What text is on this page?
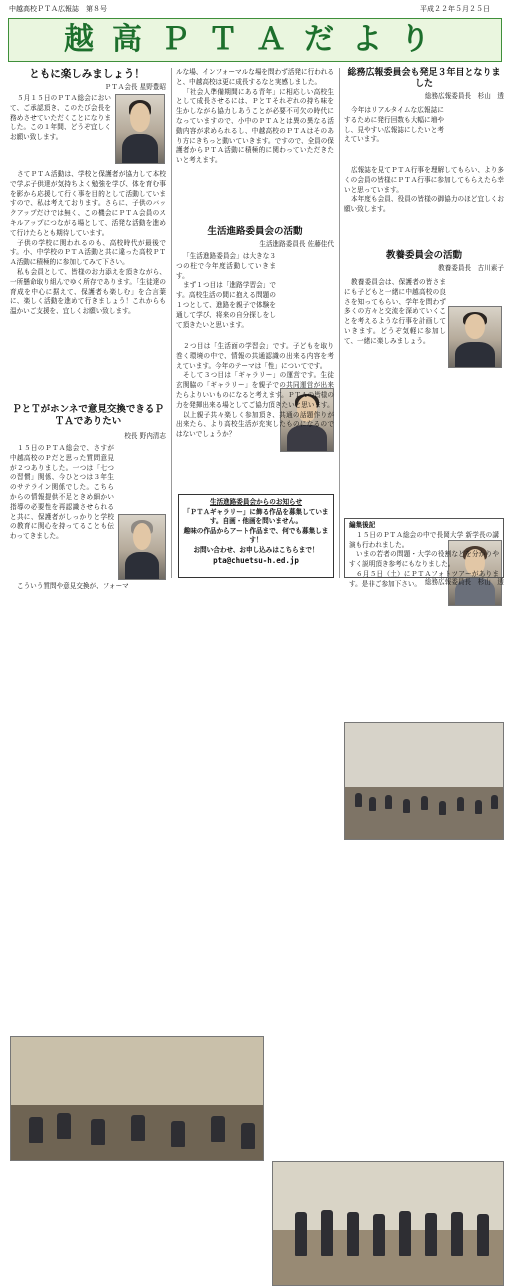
中越高校ＰＴＡ広報誌　第８号	平成２２年５月２５日
越高ＰＴＡだより
ともに楽しみましょう！
ＰＴＡ会長 星野豊昭

５月１５日のＰＴＡ総会において、ご承認頂き、このたび会長を務めさせていただくことになりました。この１年間、どうぞ宜しくお願い致します。

さてＰＴＡ活動は、学校と保護者が協力して本校で学ぶ子供達が気持ちよく勉強を学び、体を育む事を影から応援して行く事を目的として活動していますので、私は考えております。さらに、子供のバックアップだけでは無く、この機会にＰＴＡ会員のスキルアップにつながる場として、活発な活動を進めて行けたらとも期待しています。

子供の学校に関われるのも、高校時代が最後です。小、中学校のＰＴＡ活動と共に違った高校ＰＴＡ活動に積極的に参加してみて下さい。

私も会員として、皆様のお力添えを頂きながら、一所懸命取り組んでゆく所存であります。「生徒達の育成を中心に据えて、保護者も楽しむ」を合言葉に、楽しく活動を進めて行きましょう！これからも温かいご支援を、宜しくお願い致します。

ＰとＴがホンネで意見交換できるＰＴＡでありたい
校長 野内清志

１５日のＰＴＡ総会で、さすが中越高校のＰだと思った質問意見が２つありました。一つは「七つの習慣」関係、今ひとつは３年生のサテライン関係でした。こちらからの情報提供不足ときめ細かい指導の必要性を再認識させられると共に、保護者がしっかりと学校の教育に関心を持ってることも伝わってきました。

こういう質問や意見交換が、フォーマ

ルな場、インフォーマルな場を問わず活発に行われると、中越高校は更に成長するなと実感しました。

「社会人準備期間にある青年」に相応しい高校生として成長させるには、ＰとＴそれぞれの持ち味を生かしながら協力しあうことが必要不可欠の時代になっていますので、小中のＰＴＡとは異の異なる活動内容が求められるし、中越高校のＰＴＡはそのあり方にきちっと動いていきます。ですので、全員の保護者からＰＴＡ活動に積極的に関わっていただきたいと考えます。

生活進路委員会の活動
生活進路委員長 佐藤佳代

「生活進路委員会」は大きな３つの柱で今年度活動していきます。

まず１つ目は「進路学習会」です。高校生活の間に抱える問題の１つとして、進路を親子で体験を通して学び、将来の自分探しをして頂きたいと思います。

２つ目は「生活面の学習会」です。子どもを取り巻く環境の中で、情報の共通認識の出来る内容を考えています。今年のテーマは「性」についてです。

そして３つ目は「ギャラリー」の運営です。生徒玄関脇の「ギャラリー」を親子での共同運営が出来たらよりいいものになると考えます。ＰＴＡの皆様の力を発揮出来る場としてご協力頂きたいと思います。

以上親子共々楽しく参加頂き、共通の話題作りが出来たら、より高校生活が充実したものになるのではないでしょうか？

生活進路委員会からのお知らせ
「ＰＴＡギャラリー」に飾る作品を募集しています。自画・他画を問いません。
趣味の作品からアート作品まで、何でも募集します！
お問い合わせ、お申し込みはこちらまで！
pta@chuetsu-h.ed.jp
総務広報委員会も発足３年目となりました
総務広報委員長　杉山　透

今年はリアルタイムな広報誌にするために発行回数も大幅に増やし、見やすい広報誌にしたいと考えています。

広報誌を見てＰＴＡ行事を理解してもらい、より多くの会員の皆様にＰＴＡ行事に参加してもらえたら幸いと思っています。

本年度も会員、役員の皆様の御協力のほど宜しくお願い致します。

教養委員会の活動
教養委員長　古川素子

教養委員会は、保護者の皆さまにも子どもと一緒に中越高校の良さを知ってもらい、学年を問わず多くの方々と交流を深めていくことを考えるような行事を計画していきます。どうぞ気軽に参加して、一緒に楽しみましょう。

編集後記

１５日のＰＴＡ総会の中で長岡大学 新学長の講演も行われました。

いまの若者の問題・大学の役割などを分かりやすく説明頂き参考にもなりました。

６月５日（土）にＰＴＡフォトツアーがあります。是非ご参加下さい。 総務広報委員長　杉山　透
